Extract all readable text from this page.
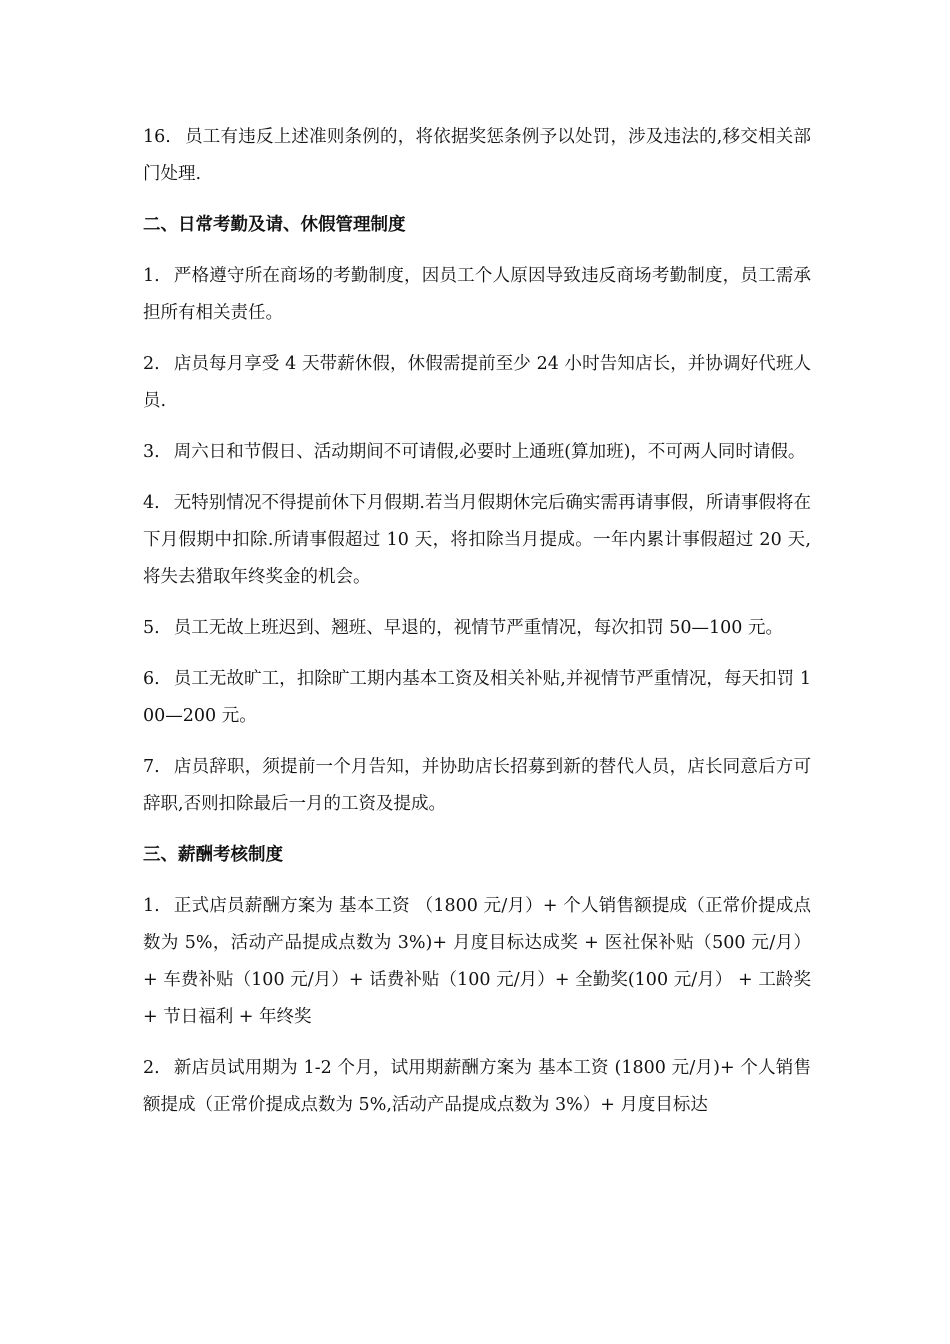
16. 员工有违反上述准则条例的，将依据奖惩条例予以处罚，涉及违法的,移交相关部门处理.

二、日常考勤及请、休假管理制度

1. 严格遵守所在商场的考勤制度，因员工个人原因导致违反商场考勤制度，员工需承担所有相关责任。

2. 店员每月享受 4 天带薪休假，休假需提前至少 24 小时告知店长，并协调好代班人员.

3. 周六日和节假日、活动期间不可请假,必要时上通班(算加班)，不可两人同时请假。

4. 无特别情况不得提前休下月假期.若当月假期休完后确实需再请事假，所请事假将在下月假期中扣除.所请事假超过 10 天，将扣除当月提成。一年内累计事假超过 20 天,将失去猎取年终奖金的机会。

5. 员工无故上班迟到、翘班、早退的，视情节严重情况，每次扣罚 50—100 元。

6. 员工无故旷工，扣除旷工期内基本工资及相关补贴,并视情节严重情况，每天扣罚 100—200 元。

7. 店员辞职，须提前一个月告知，并协助店长招募到新的替代人员，店长同意后方可辞职,否则扣除最后一月的工资及提成。

三、薪酬考核制度

1. 正式店员薪酬方案为 基本工资 （1800 元/月）+ 个人销售额提成（正常价提成点数为 5%，活动产品提成点数为 3%)+ 月度目标达成奖 + 医社保补贴（500 元/月）+ 车费补贴（100 元/月）+ 话费补贴（100 元/月）+ 全勤奖(100 元/月） + 工龄奖 + 节日福利 + 年终奖

2. 新店员试用期为 1-2 个月，试用期薪酬方案为 基本工资 (1800 元/月)+ 个人销售额提成（正常价提成点数为 5%,活动产品提成点数为 3%）+ 月度目标达
